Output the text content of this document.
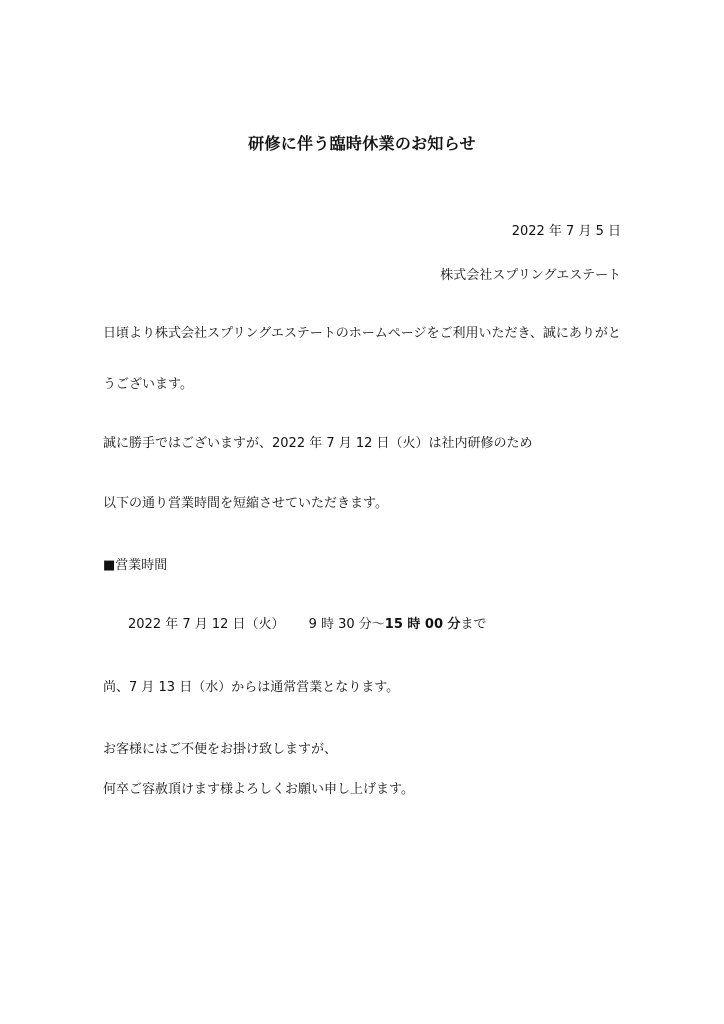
研修に伴う臨時休業のお知らせ
2022 年 7 月 5 日
株式会社スプリングエステート
日頃より株式会社スプリングエステートのホームページをご利用いただき、誠にありがと
うございます。
誠に勝手ではございますが、2022 年 7 月 12 日（火）は社内研修のため
以下の通り営業時間を短縮させていただきます。
■営業時間
2022 年 7 月 12 日（火） 9 時 30 分～15 時 00 分まで
尚、7 月 13 日（水）からは通常営業となります。
お客様にはご不便をお掛け致しますが、
何卒ご容赦頂けます様よろしくお願い申し上げます。
